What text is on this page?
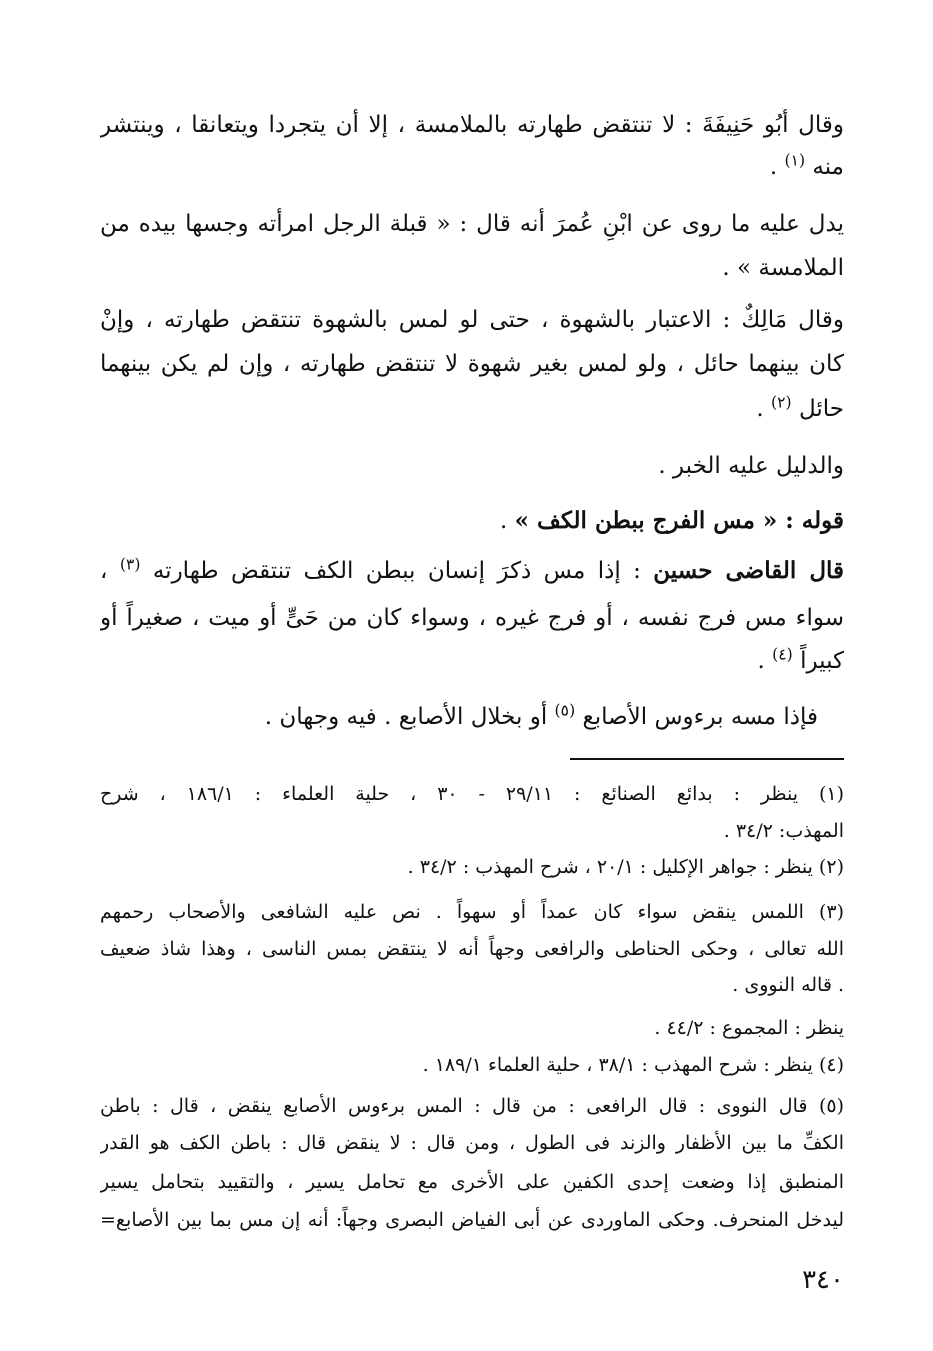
وقال أَبُو حَنِيفَةَ : لا تنتقض طهارته بالملامسة ، إلا أن يتجردا ويتعانقا ، وينتشر
منه $^{(١)}$ .
يدل عليه ما روى عن ابْنِ عُمرَ أنه قال : « قبلة الرجل امرأته وجسها بيده من
الملامسة » .
وقال مَالِكٌ : الاعتبار بالشهوة ، حتى لو لمس بالشهوة تنتقض طهارته ، وإنْ
كان بينهما حائل ، ولو لمس بغير شهوة لا تنتقض طهارته ، وإن لم يكن بينهما
حائل $^{(٢)}$ .
والدليل عليه الخبر .
قوله : « مس الفرج ببطن الكف » .
قال القاضى حسين : إذا مس ذكرَ إنسان ببطن الكف تنتقض طهارته $^{(٣)}$ ،
سواء مس فرج نفسه ، أو فرج غيره ، وسواء كان من حَىٍّ أو ميت ، صغيراً أو
كبيراً $^{(٤)}$ .
فإذا مسه برءوس الأصابع $^{(٥)}$ أو بخلال الأصابع . فيه وجهان .
(١) ينظر : بدائع الصنائع : ٢٩/١١ - ٣٠ ، حلية العلماء : ١٨٦/١ ، شرح
المهذب: ٣٤/٢ .
(٢) ينظر : جواهر الإكليل : ٢٠/١ ، شرح المهذب : ٣٤/٢ .
(٣) اللمس ينقض سواء كان عمداً أو سهواً . نص عليه الشافعى والأصحاب رحمهم
الله تعالى ، وحكى الحناطى والرافعى وجهاً أنه لا ينتقض بمس الناسى ، وهذا شاذ ضعيف
. قاله النووى .
ينظر : المجموع : ٤٤/٢ .
(٤) ينظر : شرح المهذب : ٣٨/١ ، حلية العلماء ١٨٩/١ .
(٥) قال النووى : قال الرافعى : من قال : المس برءوس الأصابع ينقض ، قال : باطن
الكفِّ ما بين الأظفار والزند فى الطول ، ومن قال : لا ينقض قال : باطن الكف هو القدر
المنطبق إذا وضعت إحدى الكفين على الأخرى مع تحامل يسير ، والتقييد بتحامل يسير
ليدخل المنحرف. وحكى الماوردى عن أبى الفياض البصرى وجهاً: أنه إن مس بما بين الأصابع=
٣٤٠
